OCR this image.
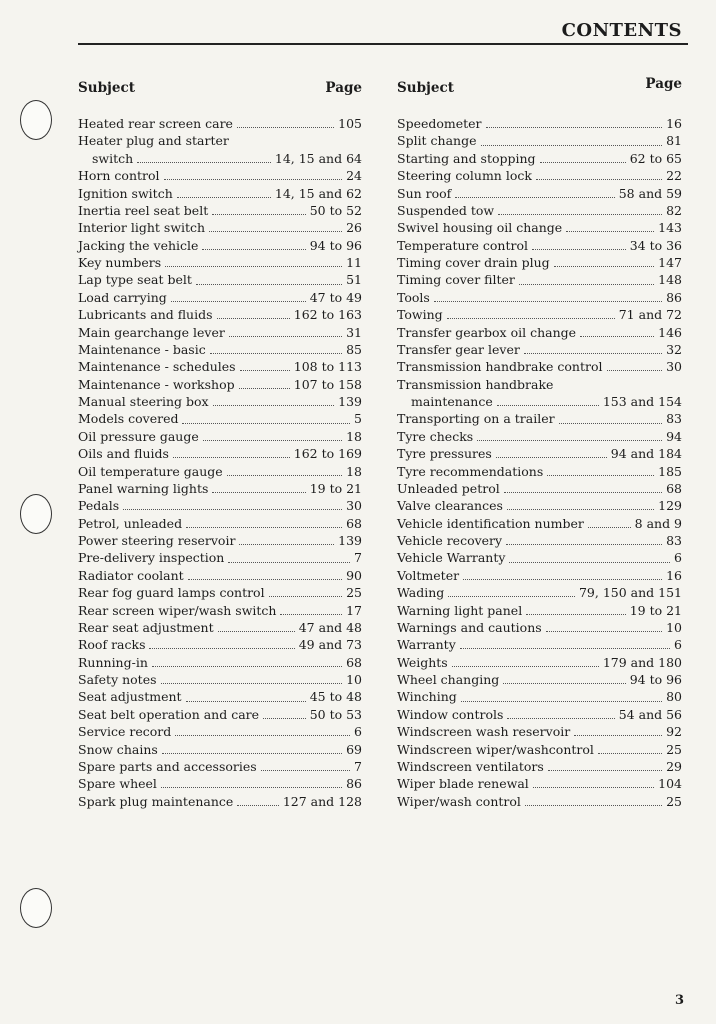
CONTENTS
Subject	Page
Heated rear screen care	105
Heater plug and starter
switch	14, 15 and 64
Horn control	24
Ignition switch	14, 15 and 62
Inertia reel seat belt	50 to 52
Interior light switch	26
Jacking the vehicle	94 to 96
Key numbers	11
Lap type seat belt	51
Load carrying	47 to 49
Lubricants and fluids	162 to 163
Main gearchange lever	31
Maintenance - basic	85
Maintenance - schedules	108 to 113
Maintenance - workshop	107 to 158
Manual steering box	139
Models covered	5
Oil pressure gauge	18
Oils and fluids	162 to 169
Oil temperature gauge	18
Panel warning lights	19 to 21
Pedals	30
Petrol, unleaded	68
Power steering reservoir	139
Pre-delivery inspection	7
Radiator coolant	90
Rear fog guard lamps control	25
Rear screen wiper/wash switch	17
Rear seat adjustment	47 and 48
Roof racks	49 and 73
Running-in	68
Safety notes	10
Seat adjustment	45 to 48
Seat belt operation and care	50 to 53
Service record	6
Snow chains	69
Spare parts and accessories	7
Spare wheel	86
Spark plug maintenance	127 and 128
Subject	Page
Speedometer	16
Split change	81
Starting and stopping	62 to 65
Steering column lock	22
Sun roof	58 and 59
Suspended tow	82
Swivel housing oil change	143
Temperature control	34 to 36
Timing cover drain plug	147
Timing cover filter	148
Tools	86
Towing	71 and 72
Transfer gearbox oil change	146
Transfer gear lever	32
Transmission handbrake control	30
Transmission handbrake
maintenance	153 and 154
Transporting on a trailer	83
Tyre checks	94
Tyre pressures	94 and 184
Tyre recommendations	185
Unleaded petrol	68
Valve clearances	129
Vehicle identification number	8 and 9
Vehicle recovery	83
Vehicle Warranty	6
Voltmeter	16
Wading	79, 150 and 151
Warning light panel	19 to 21
Warnings and cautions	10
Warranty	6
Weights	179 and 180
Wheel changing	94 to 96
Winching	80
Window controls	54 and 56
Windscreen wash reservoir	92
Windscreen wiper/washcontrol	25
Windscreen ventilators	29
Wiper blade renewal	104
Wiper/wash control	25
3
